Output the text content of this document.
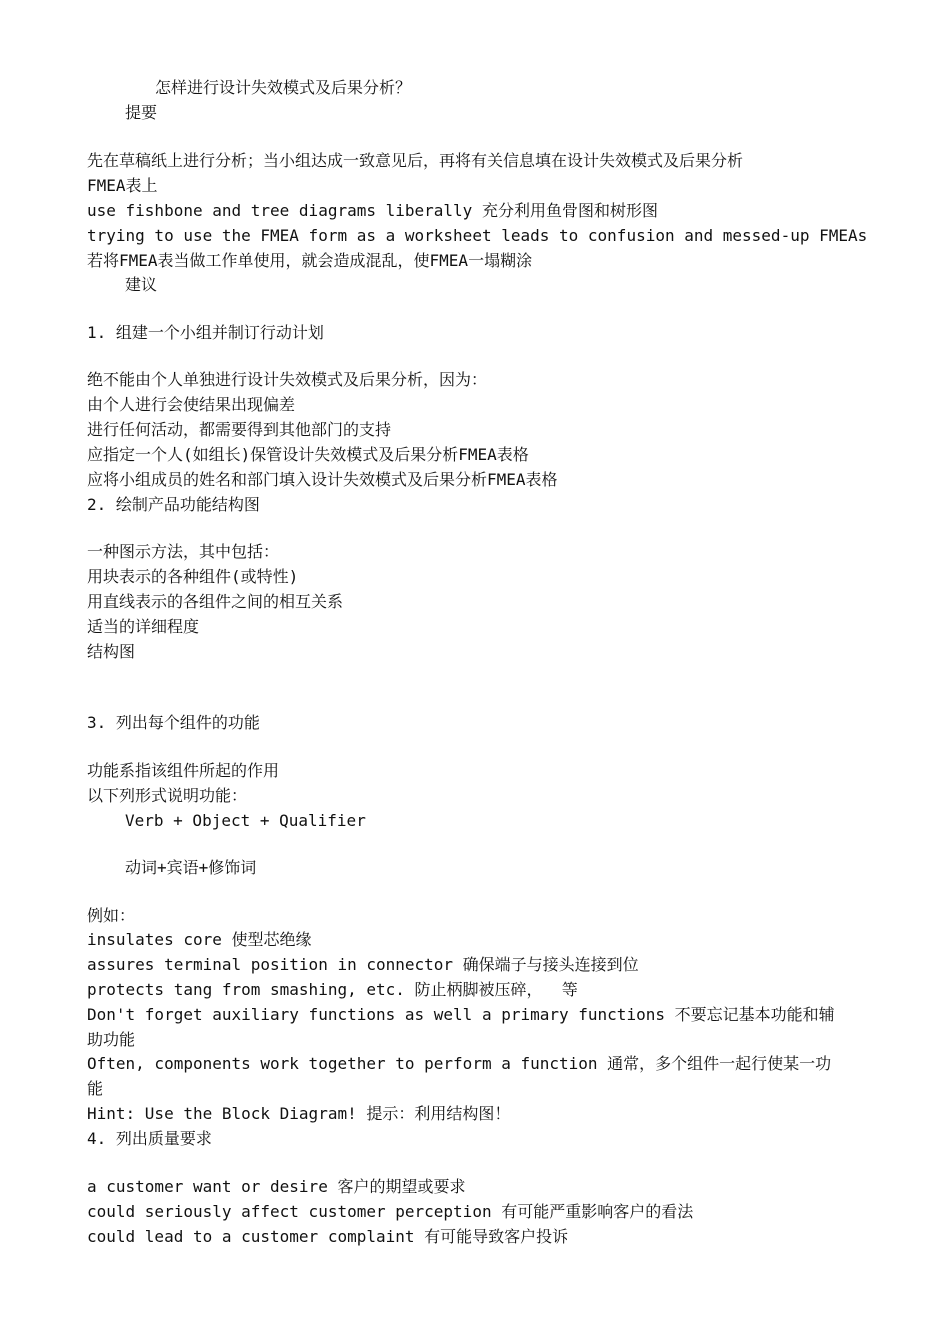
怎样进行设计失效模式及后果分析？
提要
先在草稿纸上进行分析；当小组达成一致意见后，再将有关信息填在设计失效模式及后果分析
FMEA表上
use fishbone and tree diagrams liberally 充分利用鱼骨图和树形图
trying to use the FMEA form as a worksheet leads to confusion and messed-up FMEAs
若将FMEA表当做工作单使用，就会造成混乱，使FMEA一塌糊涂
建议
1. 组建一个小组并制订行动计划
绝不能由个人单独进行设计失效模式及后果分析，因为：
由个人进行会使结果出现偏差
进行任何活动，都需要得到其他部门的支持
应指定一个人(如组长)保管设计失效模式及后果分析FMEA表格
应将小组成员的姓名和部门填入设计失效模式及后果分析FMEA表格
2. 绘制产品功能结构图
一种图示方法，其中包括：
用块表示的各种组件(或特性)
用直线表示的各组件之间的相互关系
适当的详细程度
结构图
3. 列出每个组件的功能
功能系指该组件所起的作用
以下列形式说明功能：
Verb + Object + Qualifier
动词+宾语+修饰词
例如：
insulates core 使型芯绝缘
assures terminal position in connector 确保端子与接头连接到位
protects tang from smashing, etc. 防止柄脚被压碎，  等
Don't forget auxiliary functions as well a primary functions 不要忘记基本功能和辅
助功能
Often, components work together to perform a function 通常，多个组件一起行使某一功
能
Hint: Use the Block Diagram! 提示：利用结构图！
4. 列出质量要求
a customer want or desire 客户的期望或要求
could seriously affect customer perception 有可能严重影响客户的看法
could lead to a customer complaint 有可能导致客户投诉
